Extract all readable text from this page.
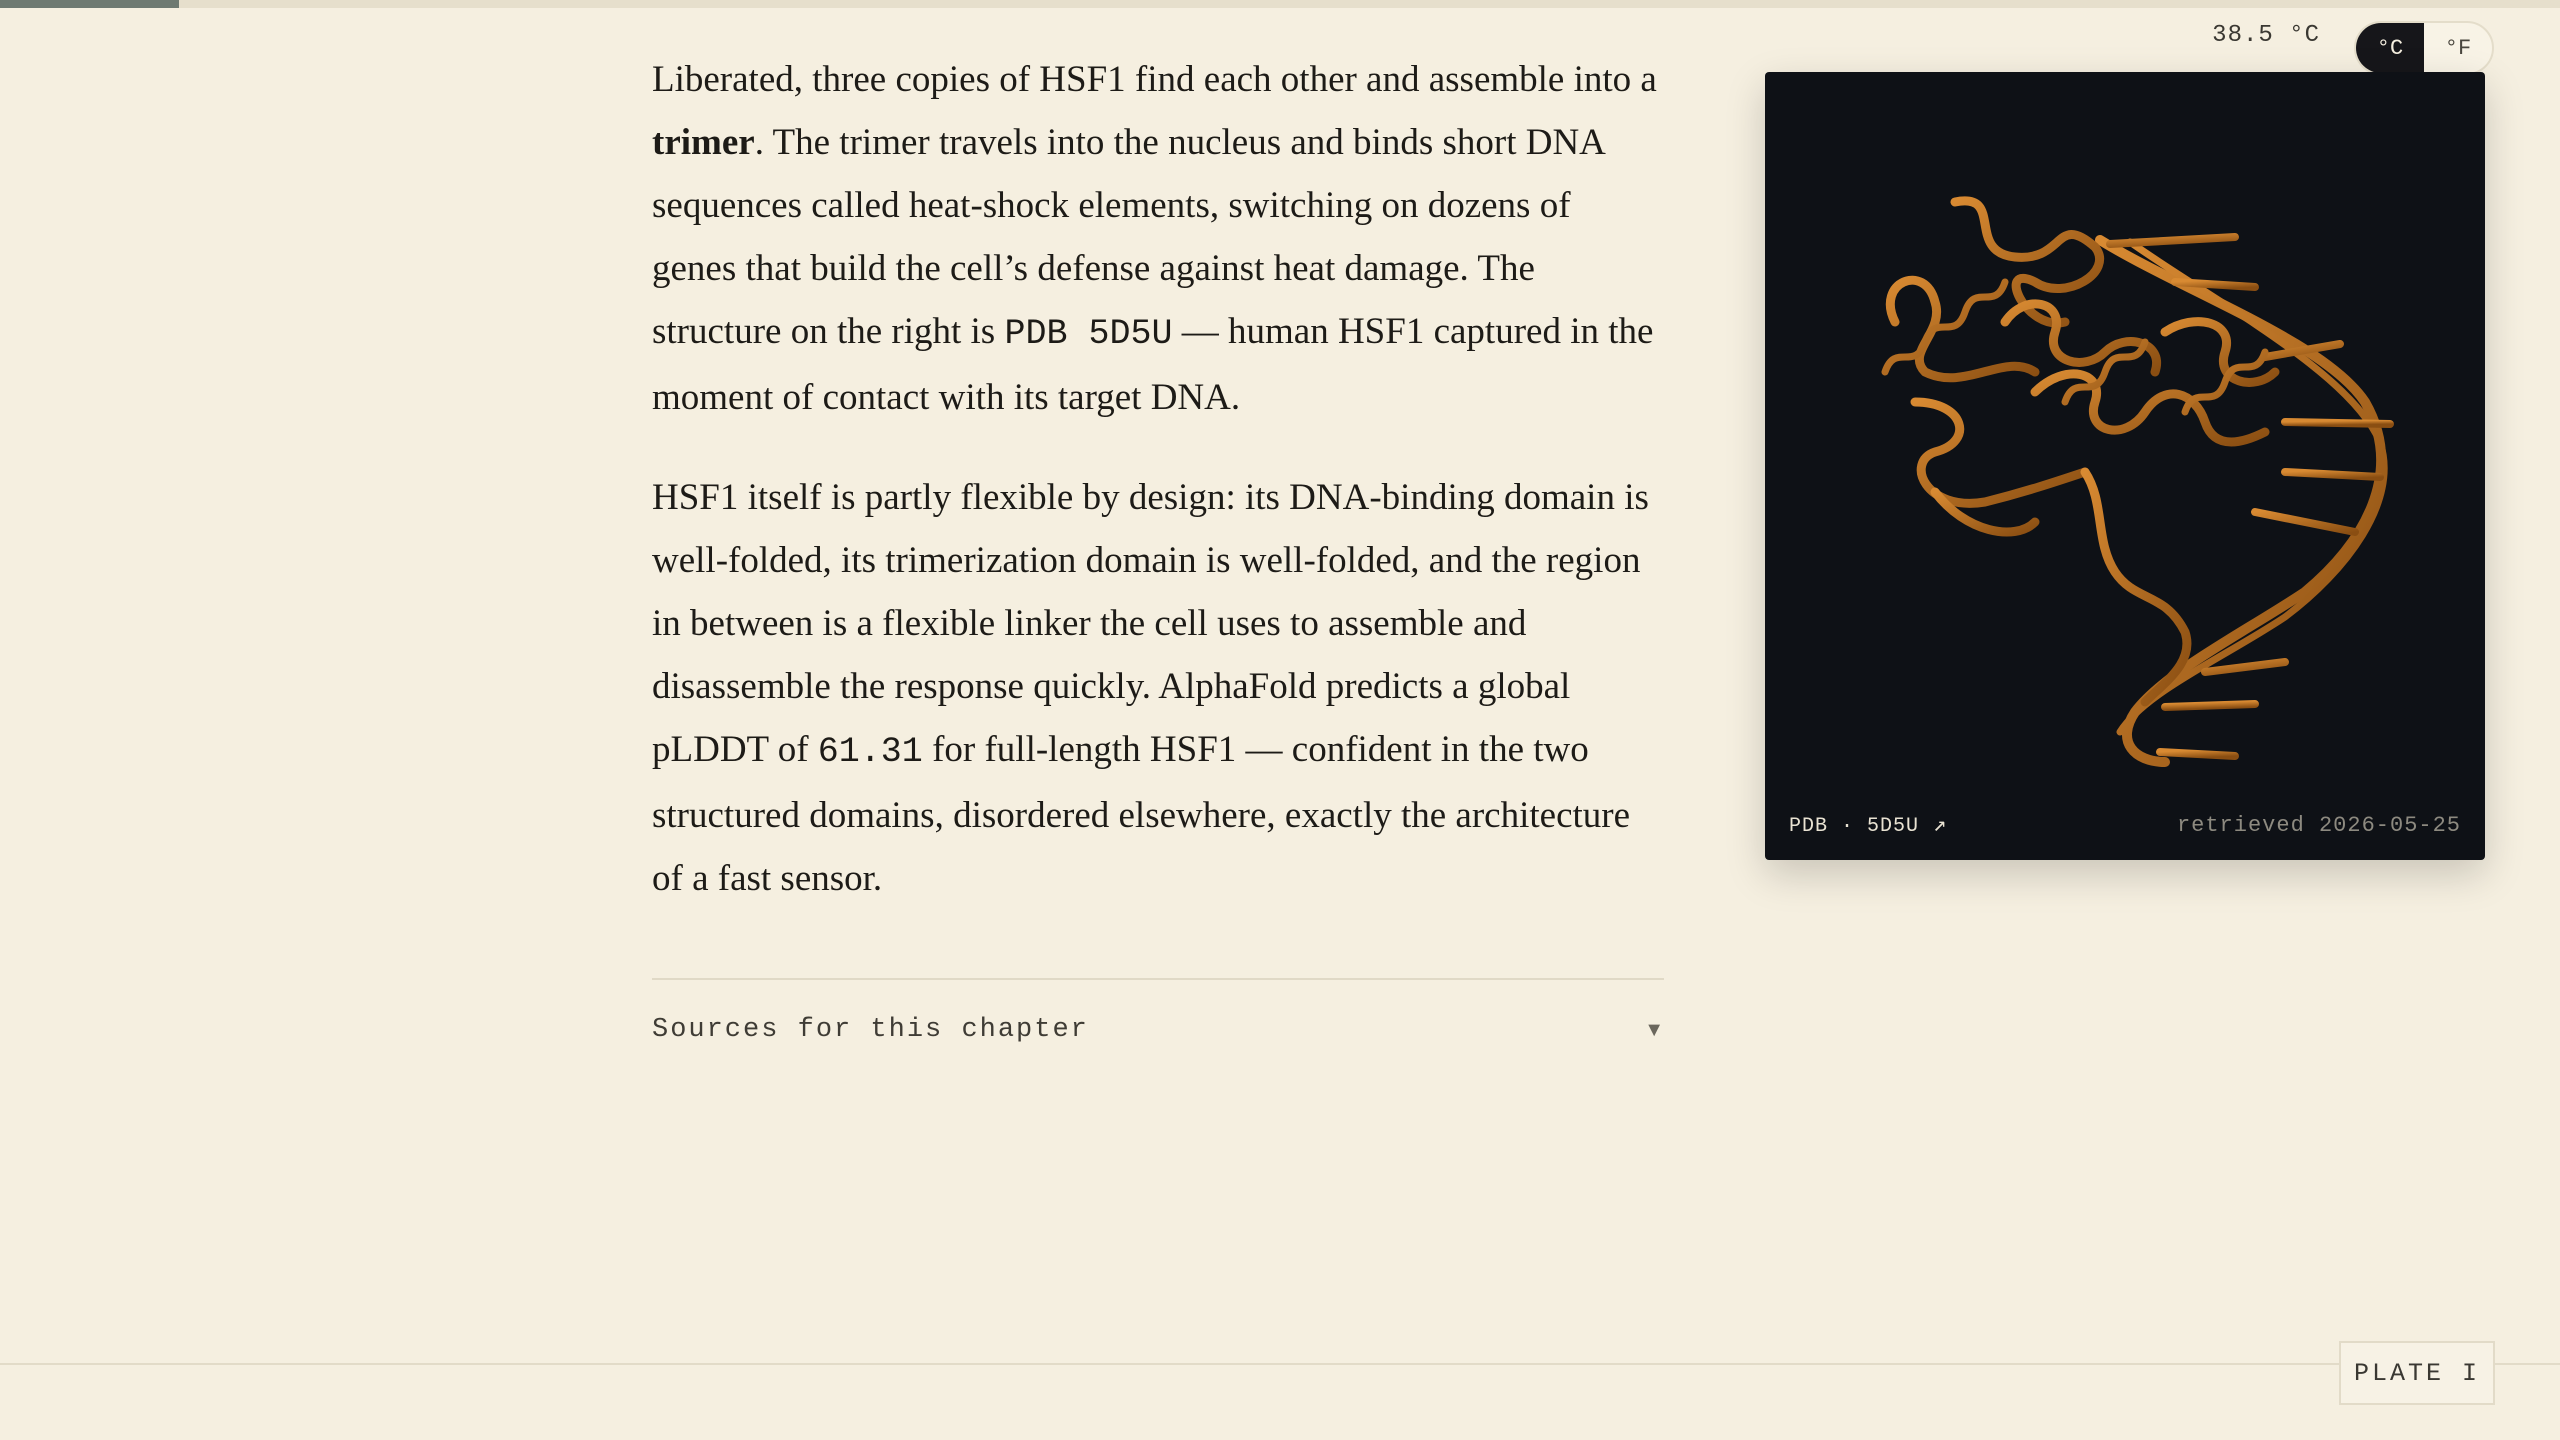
38.5 °C	°C	°F

Liberated, three copies of HSF1 find each other and assemble into a trimer. The trimer travels into the nucleus and binds short DNA sequences called heat-shock elements, switching on dozens of genes that build the cell’s defense against heat damage. The structure on the right is PDB 5D5U — human HSF1 captured in the moment of contact with its target DNA.

HSF1 itself is partly flexible by design: its DNA-binding domain is well-folded, its trimerization domain is well-folded, and the region in between is a flexible linker the cell uses to assemble and disassemble the response quickly. AlphaFold predicts a global pLDDT of 61.31 for full-length HSF1 — confident in the two structured domains, disordered elsewhere, exactly the architecture of a fast sensor.

Sources for this chapter	▼
PDB · 5D5U ↗	retrieved 2026-05-25
PLATE I
